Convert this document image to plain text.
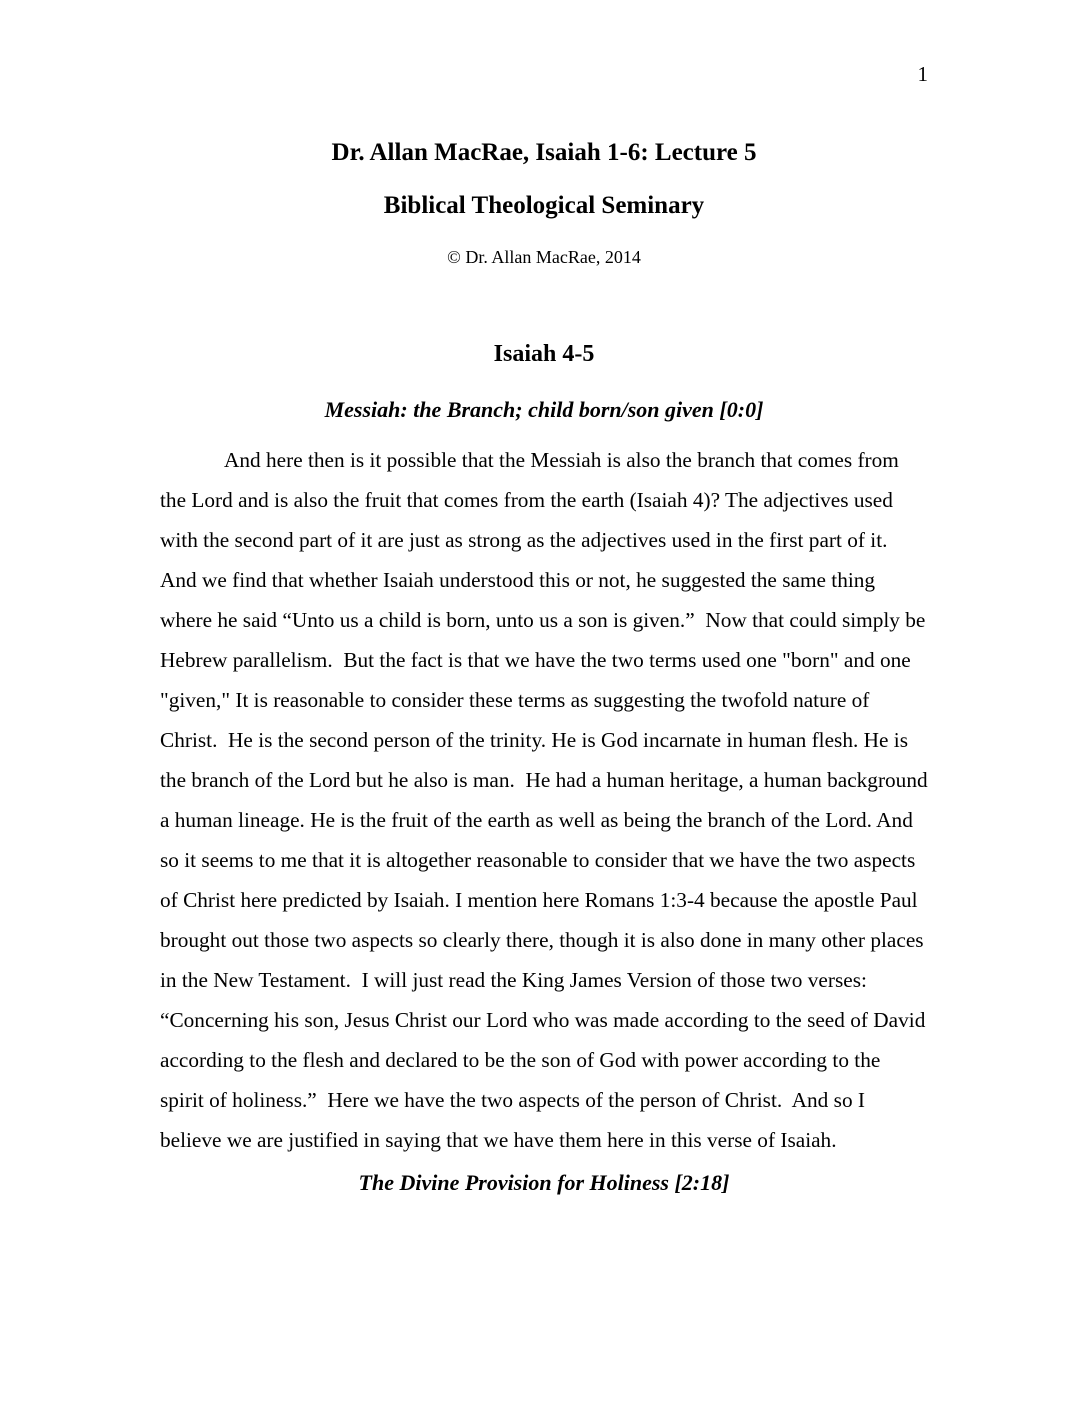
1
Dr. Allan MacRae, Isaiah 1-6: Lecture 5
Biblical Theological Seminary
© Dr. Allan MacRae, 2014
Isaiah 4-5
Messiah: the Branch; child born/son given [0:0]
And here then is it possible that the Messiah is also the branch that comes from the Lord and is also the fruit that comes from the earth (Isaiah 4)? The adjectives used with the second part of it are just as strong as the adjectives used in the first part of it.  And we find that whether Isaiah understood this or not, he suggested the same thing where he said “Unto us a child is born, unto us a son is given.”  Now that could simply be Hebrew parallelism.  But the fact is that we have the two terms used one "born" and one "given," It is reasonable to consider these terms as suggesting the twofold nature of Christ.  He is the second person of the trinity. He is God incarnate in human flesh. He is the branch of the Lord but he also is man.  He had a human heritage, a human background a human lineage. He is the fruit of the earth as well as being the branch of the Lord. And so it seems to me that it is altogether reasonable to consider that we have the two aspects of Christ here predicted by Isaiah. I mention here Romans 1:3-4 because the apostle Paul brought out those two aspects so clearly there, though it is also done in many other places in the New Testament.  I will just read the King James Version of those two verses: “Concerning his son, Jesus Christ our Lord who was made according to the seed of David according to the flesh and declared to be the son of God with power according to the spirit of holiness.”  Here we have the two aspects of the person of Christ.  And so I believe we are justified in saying that we have them here in this verse of Isaiah.
The Divine Provision for Holiness [2:18]
